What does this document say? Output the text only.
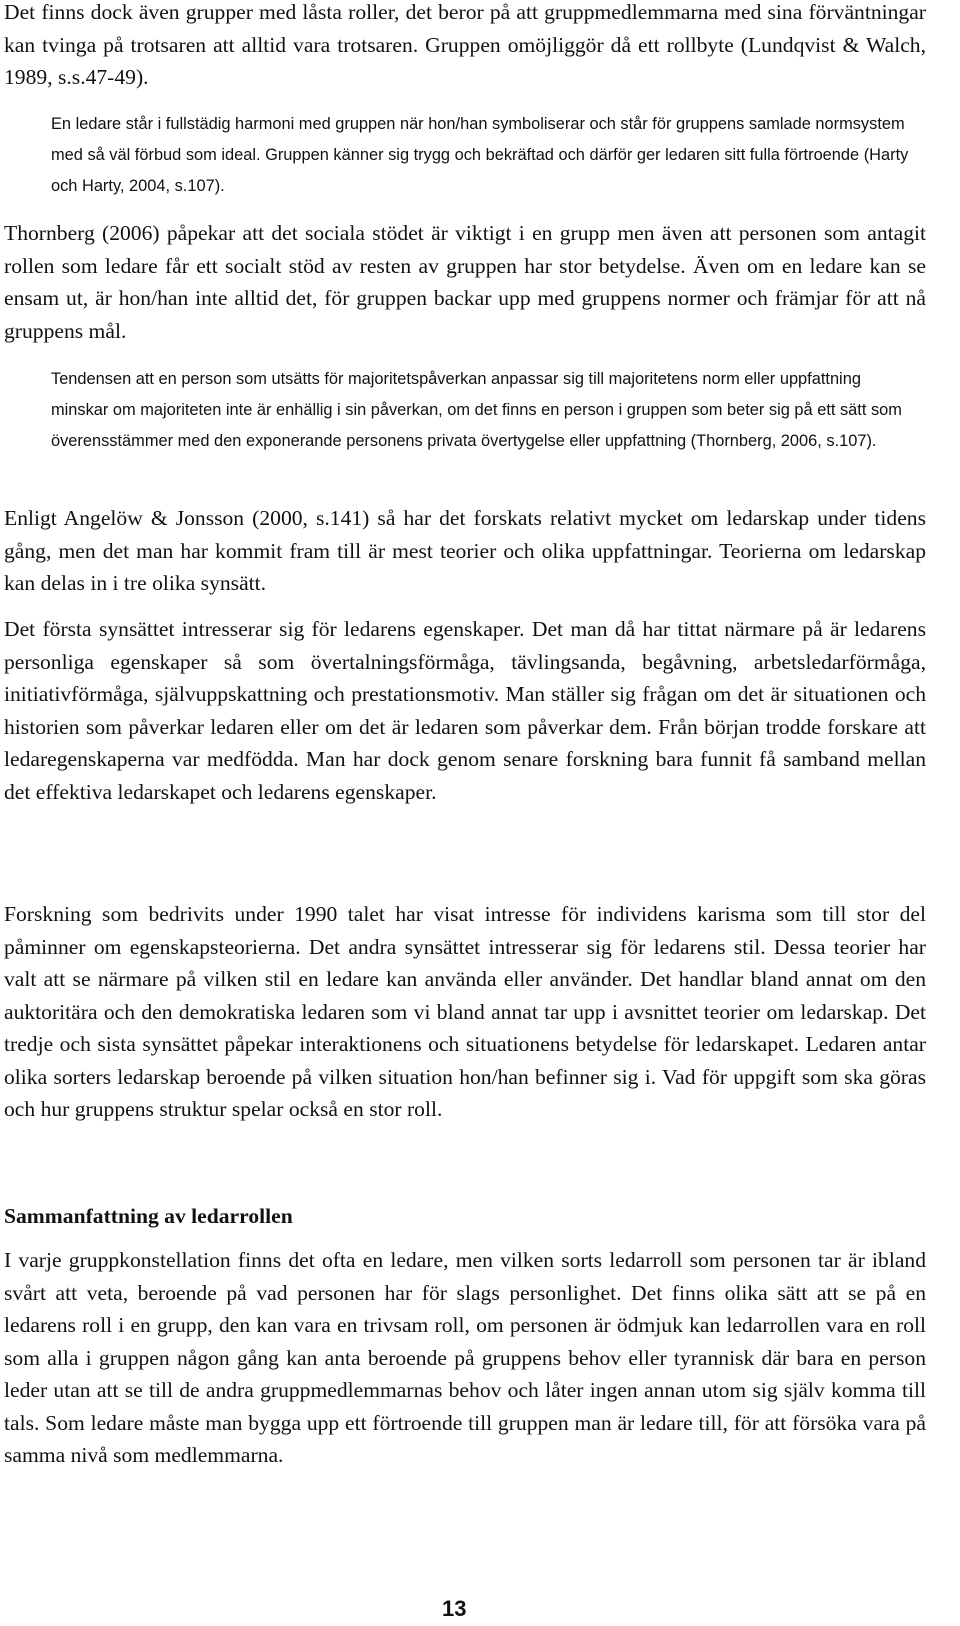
Det finns dock även grupper med låsta roller, det beror på att gruppmedlemmarna med sina förväntningar kan tvinga på trotsaren att alltid vara trotsaren. Gruppen omöjliggör då ett rollbyte (Lundqvist & Walch, 1989, s.s.47-49).

En ledare står i fullstädig harmoni med gruppen när hon/han symboliserar och står för gruppens samlade normsystem med så väl förbud som ideal. Gruppen känner sig trygg och bekräftad och därför ger ledaren sitt fulla förtroende (Harty och Harty, 2004, s.107).

Thornberg (2006) påpekar att det sociala stödet är viktigt i en grupp men även att personen som antagit rollen som ledare får ett socialt stöd av resten av gruppen har stor betydelse. Även om en ledare kan se ensam ut, är hon/han inte alltid det, för gruppen backar upp med gruppens normer och främjar för att nå gruppens mål.

Tendensen att en person som utsätts för majoritetspåverkan anpassar sig till majoritetens norm eller uppfattning minskar om majoriteten inte är enhällig i sin påverkan, om det finns en person i gruppen som beter sig på ett sätt som överensstämmer med den exponerande personens privata övertygelse eller uppfattning (Thornberg, 2006, s.107).

Enligt Angelöw & Jonsson (2000, s.141) så har det forskats relativt mycket om ledarskap under tidens gång, men det man har kommit fram till är mest teorier och olika uppfattningar. Teorierna om ledarskap kan delas in i tre olika synsätt.

Det första synsättet intresserar sig för ledarens egenskaper. Det man då har tittat närmare på är ledarens personliga egenskaper så som övertalningsförmåga, tävlingsanda, begåvning, arbetsledarförmåga, initiativförmåga, självuppskattning och prestationsmotiv. Man ställer sig frågan om det är situationen och historien som påverkar ledaren eller om det är ledaren som påverkar dem. Från början trodde forskare att ledaregenskaperna var medfödda. Man har dock genom senare forskning bara funnit få samband mellan det effektiva ledarskapet och ledarens egenskaper.

Forskning som bedrivits under 1990 talet har visat intresse för individens karisma som till stor del påminner om egenskapsteorierna. Det andra synsättet intresserar sig för ledarens stil. Dessa teorier har valt att se närmare på vilken stil en ledare kan använda eller använder. Det handlar bland annat om den auktoritära och den demokratiska ledaren som vi bland annat tar upp i avsnittet teorier om ledarskap. Det tredje och sista synsättet påpekar interaktionens och situationens betydelse för ledarskapet. Ledaren antar olika sorters ledarskap beroende på vilken situation hon/han befinner sig i. Vad för uppgift som ska göras och hur gruppens struktur spelar också en stor roll.

Sammanfattning av ledarrollen

I varje gruppkonstellation finns det ofta en ledare, men vilken sorts ledarroll som personen tar är ibland svårt att veta, beroende på vad personen har för slags personlighet. Det finns olika sätt att se på en ledarens roll i en grupp, den kan vara en trivsam roll, om personen är ödmjuk kan ledarrollen vara en roll som alla i gruppen någon gång kan anta beroende på gruppens behov eller tyrannisk där bara en person leder utan att se till de andra gruppmedlemmarnas behov och låter ingen annan utom sig själv komma till tals. Som ledare måste man bygga upp ett förtroende till gruppen man är ledare till, för att försöka vara på samma nivå som medlemmarna.

13
